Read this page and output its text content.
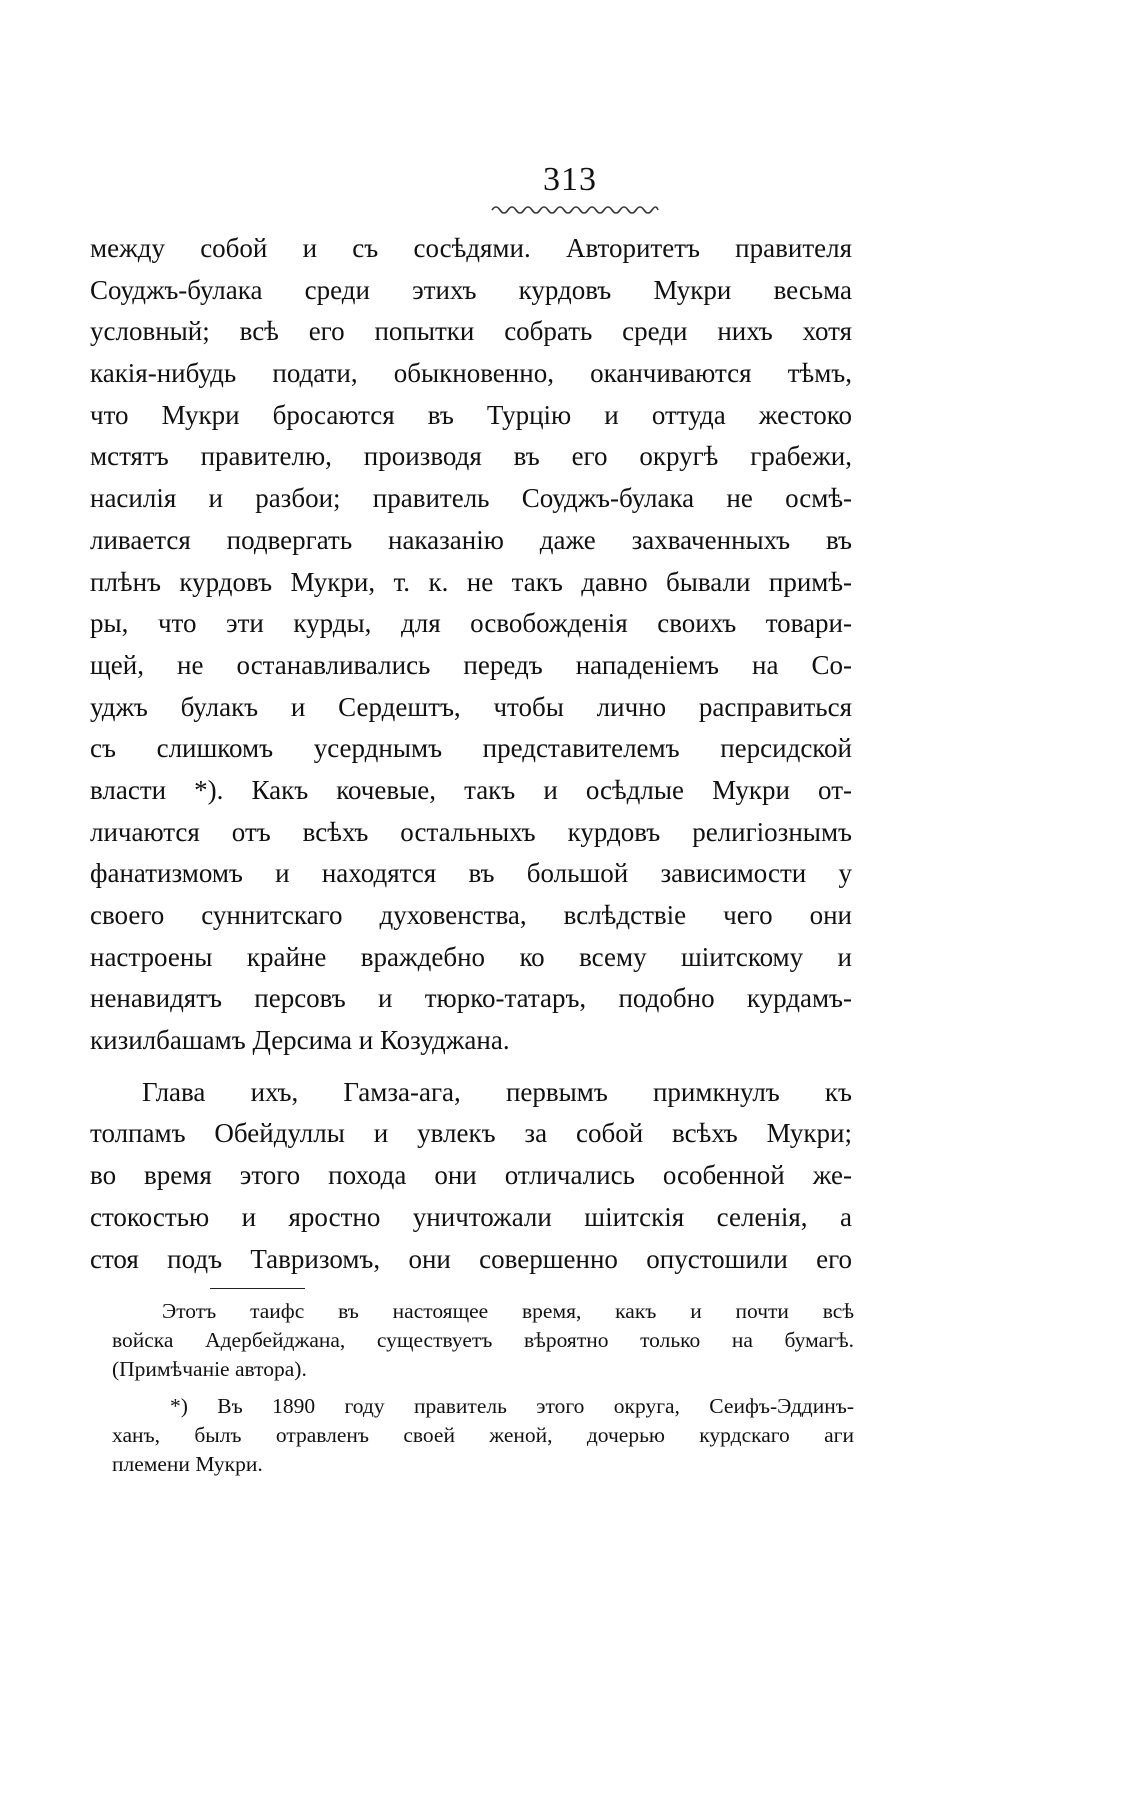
313
между собой и съ сосѣдями. Авторитетъ правителя
Соуджъ-булака среди этихъ курдовъ Мукри весьма
условный; всѣ его попытки собрать среди нихъ хотя
какія-нибудь подати, обыкновенно, оканчиваются тѣмъ,
что Мукри бросаются въ Турцію и оттуда жестоко
мстятъ правителю, производя въ его округѣ грабежи,
насилія и разбои; правитель Соуджъ-булака не осмѣ-
ливается подвергать наказанію даже захваченныхъ въ
плѣнъ курдовъ Мукри, т. к. не такъ давно бывали примѣ-
ры, что эти курды, для освобожденія своихъ товари-
щей, не останавливались передъ нападеніемъ на Со-
уджъ булакъ и Сердештъ, чтобы лично расправиться
съ слишкомъ усерднымъ представителемъ персидской
власти *). Какъ кочевые, такъ и осѣдлые Мукри от-
личаются отъ всѣхъ остальныхъ курдовъ религіознымъ
фанатизмомъ и находятся въ большой зависимости у
своего суннитскаго духовенства, вслѣдствіе чего они
настроены крайне враждебно ко всему шіитскому и
ненавидятъ персовъ и тюрко-татаръ, подобно курдамъ-
кизилбашамъ Дерсима и Козуджана.
Глава ихъ, Гамза-ага, первымъ примкнулъ къ
толпамъ Обейдуллы и увлекъ за собой всѣхъ Мукри;
во время этого похода они отличались особенной же-
стокостью и яростно уничтожали шіитскія селенія, а
стоя подъ Тавризомъ, они совершенно опустошили его
Этотъ таифс въ настоящее время, какъ и почти всѣ
войска Адербейджана, существуетъ вѣроятно только на бумагѣ.
(Примѣчаніе автора).
*) Въ 1890 году правитель этого округа, Сеифъ-Эддинъ-
ханъ, былъ отравленъ своей женой, дочерью курдскаго аги
племени Мукри.
